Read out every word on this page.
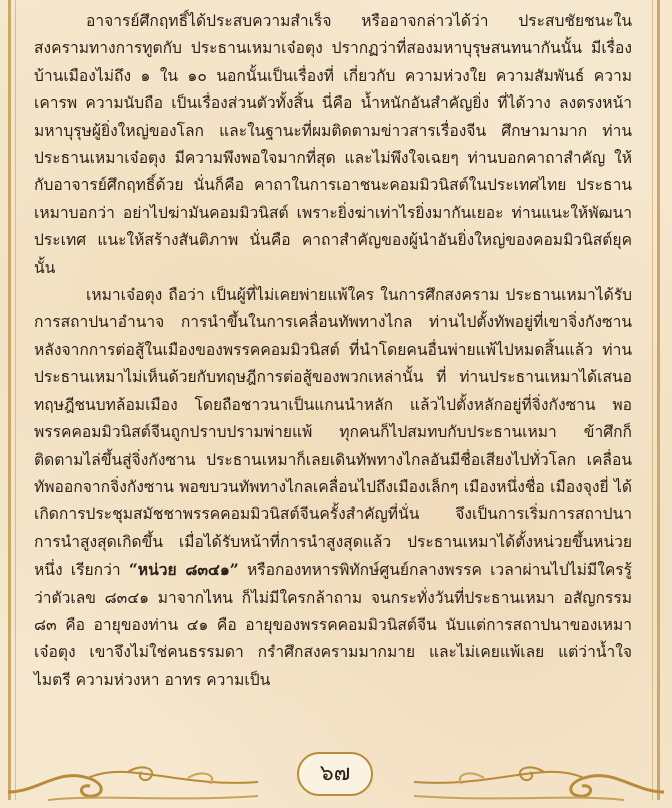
อาจารย์ศึกฤทธิ์ได้ประสบความสำเร็จ หรืออาจกล่าวได้ว่า ประสบชัยชนะในสงครามทางการทูตกับ ประธานเหมาเจ๋อตุง ปรากฏว่าที่สองมหาบุรุษสนทนากันนั้น มีเรื่องบ้านเมืองไม่ถึง ๑ ใน ๑๐ นอกนั้นเป็นเรื่องที่ เกี่ยวกับ ความห่วงใย ความสัมพันธ์ ความเคารพ ความนับถือ เป็นเรื่องส่วนตัวทั้งสิ้น นี่คือ น้ำหนักอันสำคัญยิ่ง ที่ได้วาง ลงตรงหน้ามหาบุรุษผู้ยิ่งใหญ่ของโลก และในฐานะที่ผมติดตามข่าวสารเรื่องจีน ศึกษามามาก ท่านประธานเหมาเจ๋อตุง มีความพึงพอใจมากที่สุด และไม่พึงใจเฉยๆ ท่านบอกคาถาสำคัญ ให้กับอาจารย์ศึกฤทธิ์ด้วย นั่นก็คือ คาถาในการเอาชนะคอมมิวนิสต์ในประเทศไทย ประธานเหมาบอกว่า อย่าไปฆ่ามันคอมมิวนิสต์ เพราะยิ่งฆ่าเท่าไรยิ่งมากันเยอะ ท่านแนะให้พัฒนาประเทศ แนะให้สร้างสันติภาพ นั่นคือ คาถาสำคัญของผู้นำอันยิ่งใหญ่ของคอมมิวนิสต์ยุคนั้น

เหมาเจ๋อตุง ถือว่า เป็นผู้ที่ไม่เคยพ่ายแพ้ใคร ในการศึกสงคราม ประธานเหมาได้รับการสถาปนาอำนาจ การนำขึ้นในการเคลื่อนทัพทางไกล ท่านไปตั้งทัพอยู่ที่เขาจิ่งกังซาน หลังจากการต่อสู้ในเมืองของพรรคคอมมิวนิสต์ ที่นำโดยคนอื่นพ่ายแพ้ไปหมดสิ้นแล้ว ท่านประธานเหมาไม่เห็นด้วยกับทฤษฎีการต่อสู้ของพวกเหล่านั้น ที่ ท่านประธานเหมาได้เสนอทฤษฎีชนบทล้อมเมือง โดยถือชาวนาเป็นแกนนำหลัก แล้วไปตั้งหลักอยู่ที่จิ่งกังซาน พอพรรคคอมมิวนิสต์จีนถูกปราบปรามพ่ายแพ้ ทุกคนก็ไปสมทบกับประธานเหมา ข้าศึกก็ติดตามไล่ขึ้นสู่จิ่งกังซาน ประธานเหมาก็เลยเดินทัพทางไกลอันมีชื่อเสียงไปทั่วโลก เคลื่อนทัพออกจากจิ่งกังซาน พอขบวนทัพทางไกลเคลื่อนไปถึงเมืองเล็กๆ เมืองหนึ่งชื่อ เมืองจุงยี่ ได้เกิดการประชุมสมัชชาพรรคคอมมิวนิสต์จีนครั้งสำคัญที่นั่น จึงเป็นการเริ่มการสถาปนาการนำสูงสุดเกิดขึ้น เมื่อได้รับหน้าที่การนำสูงสุดแล้ว ประธานเหมาได้ตั้งหน่วยขึ้นหน่วยหนึ่ง เรียกว่า “หน่วย ๘๓๔๑” หรือกองทหารพิทักษ์ศูนย์กลางพรรค เวลาผ่านไปไม่มีใครรู้ว่าตัวเลข ๘๓๔๑ มาจากไหน ก็ไม่มีใครกล้าถาม จนกระทั่งวันที่ประธานเหมา อสัญกรรม ๘๓ คือ อายุของท่าน ๔๑ คือ อายุของพรรคคอมมิวนิสต์จีน นับแต่การสถาปนาของเหมาเจ๋อตุง เขาจึงไม่ใช่คนธรรมดา กรำศึกสงครามมากมาย และไม่เคยแพ้เลย แต่ว่าน้ำใจไมตรี ความห่วงหา อาทร ความเป็น

๖๗
